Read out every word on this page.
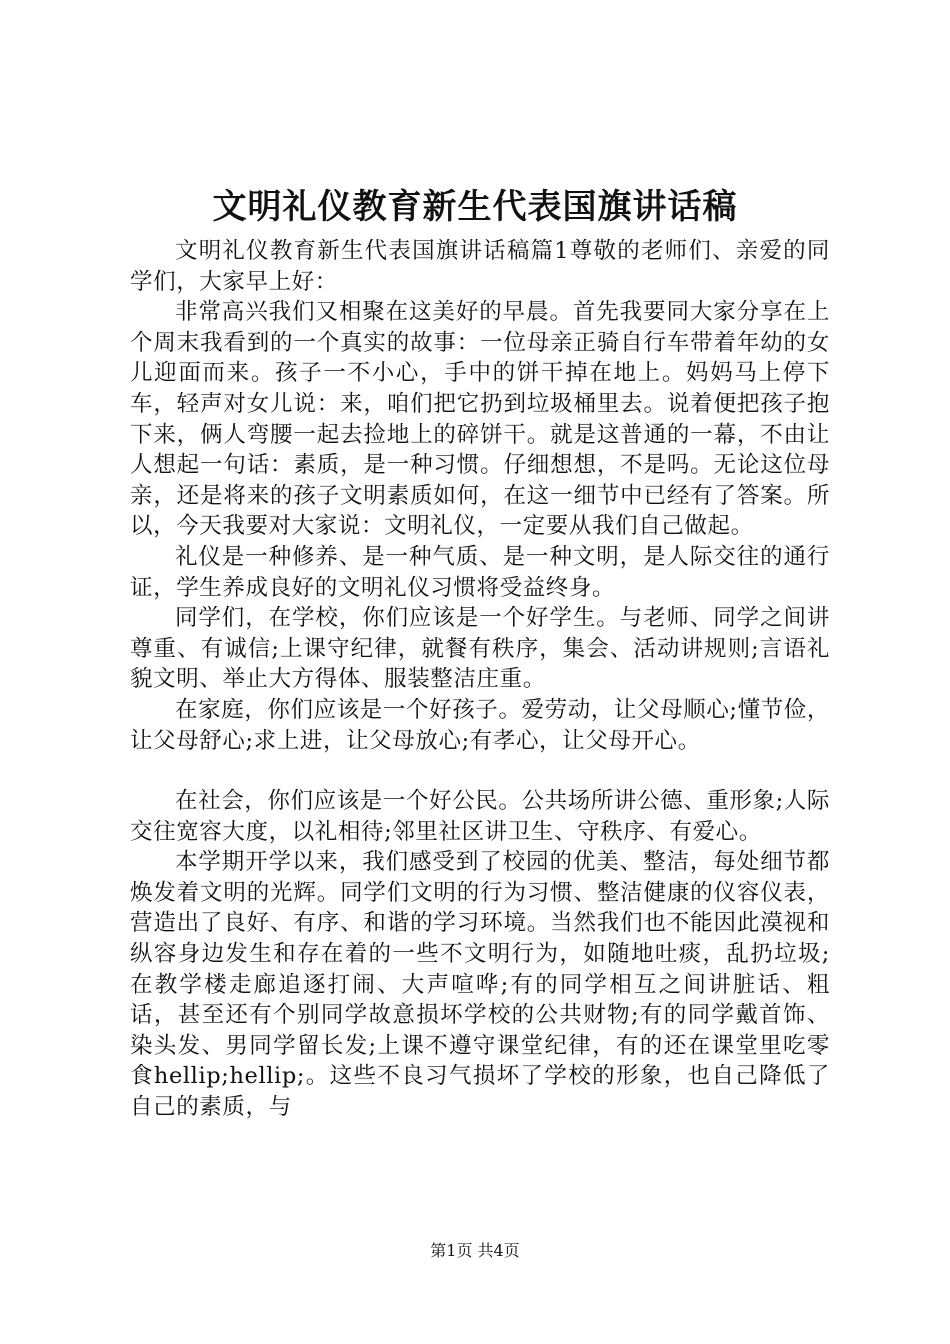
文明礼仪教育新生代表国旗讲话稿

文明礼仪教育新生代表国旗讲话稿篇1尊敬的老师们、亲爱的同学们，大家早上好：

非常高兴我们又相聚在这美好的早晨。首先我要同大家分享在上个周末我看到的一个真实的故事：一位母亲正骑自行车带着年幼的女儿迎面而来。孩子一不小心，手中的饼干掉在地上。妈妈马上停下车，轻声对女儿说：来，咱们把它扔到垃圾桶里去。说着便把孩子抱下来，俩人弯腰一起去捡地上的碎饼干。就是这普通的一幕，不由让人想起一句话：素质，是一种习惯。仔细想想，不是吗。无论这位母亲，还是将来的孩子文明素质如何，在这一细节中已经有了答案。所以，今天我要对大家说：文明礼仪，一定要从我们自己做起。

礼仪是一种修养、是一种气质、是一种文明，是人际交往的通行证，学生养成良好的文明礼仪习惯将受益终身。

同学们，在学校，你们应该是一个好学生。与老师、同学之间讲尊重、有诚信;上课守纪律，就餐有秩序，集会、活动讲规则;言语礼貌文明、举止大方得体、服装整洁庄重。

在家庭，你们应该是一个好孩子。爱劳动，让父母顺心;懂节俭，让父母舒心;求上进，让父母放心;有孝心，让父母开心。

在社会，你们应该是一个好公民。公共场所讲公德、重形象;人际交往宽容大度，以礼相待;邻里社区讲卫生、守秩序、有爱心。

本学期开学以来，我们感受到了校园的优美、整洁，每处细节都焕发着文明的光辉。同学们文明的行为习惯、整洁健康的仪容仪表，营造出了良好、有序、和谐的学习环境。当然我们也不能因此漠视和纵容身边发生和存在着的一些不文明行为，如随地吐痰，乱扔垃圾;在教学楼走廊追逐打闹、大声喧哗;有的同学相互之间讲脏话、粗话，甚至还有个别同学故意损坏学校的公共财物;有的同学戴首饰、染头发、男同学留长发;上课不遵守课堂纪律，有的还在课堂里吃零食hellip;hellip;。这些不良习气损坏了学校的形象，也自己降低了自己的素质，与

第1页 共4页
